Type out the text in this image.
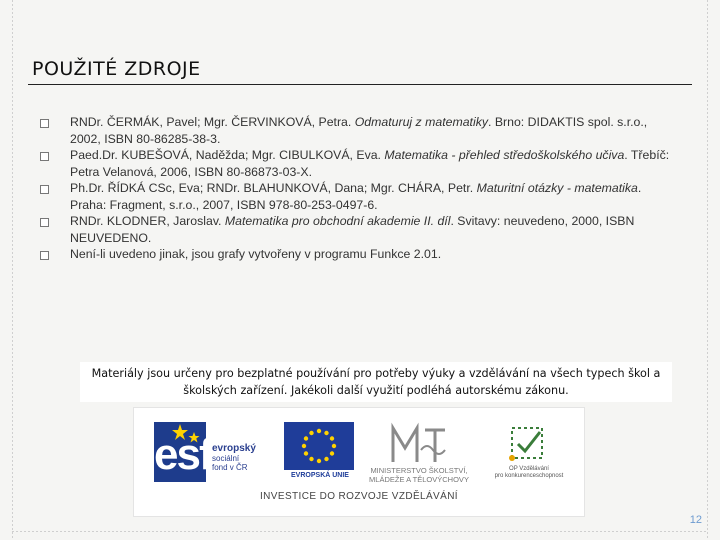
POUŽITÉ ZDROJE
RNDr. ČERMÁK, Pavel; Mgr. ČERVINKOVÁ, Petra. Odmaturuj z matematiky. Brno: DIDAKTIS spol. s.r.o., 2002, ISBN 80-86285-38-3.
Paed.Dr. KUBEŠOVÁ, Naděžda; Mgr. CIBULKOVÁ, Eva. Matematika - přehled středoškolského učiva. Třebíč: Petra Velanová, 2006, ISBN 80-86873-03-X.
Ph.Dr. ŘÍDKÁ CSc, Eva; RNDr. BLAHUNKOVÁ, Dana; Mgr. CHÁRA, Petr. Maturitní otázky - matematika. Praha: Fragment, s.r.o., 2007, ISBN 978-80-253-0497-6.
RNDr. KLODNER, Jaroslav. Matematika pro obchodní akademie II. díl. Svitavy: neuvedeno, 2000, ISBN NEUVEDENO.
Není-li uvedeno jinak, jsou grafy vytvořeny v programu Funkce 2.01.
Materiály jsou určeny pro bezplatné používání pro potřeby výuky a vzdělávání na všech typech škol a
školských zařízení. Jakékoli další využití podléhá autorskému zákonu.
esf evropský
sociální
fond v ČR
EVROPSKÁ UNIE
MINISTERSTVO ŠKOLSTVÍ,
MLÁDEŽE A TĚLOVÝCHOVY
OP Vzdělávání
pro konkurenceschopnost
INVESTICE DO ROZVOJE VZDĚLÁVÁNÍ
12
